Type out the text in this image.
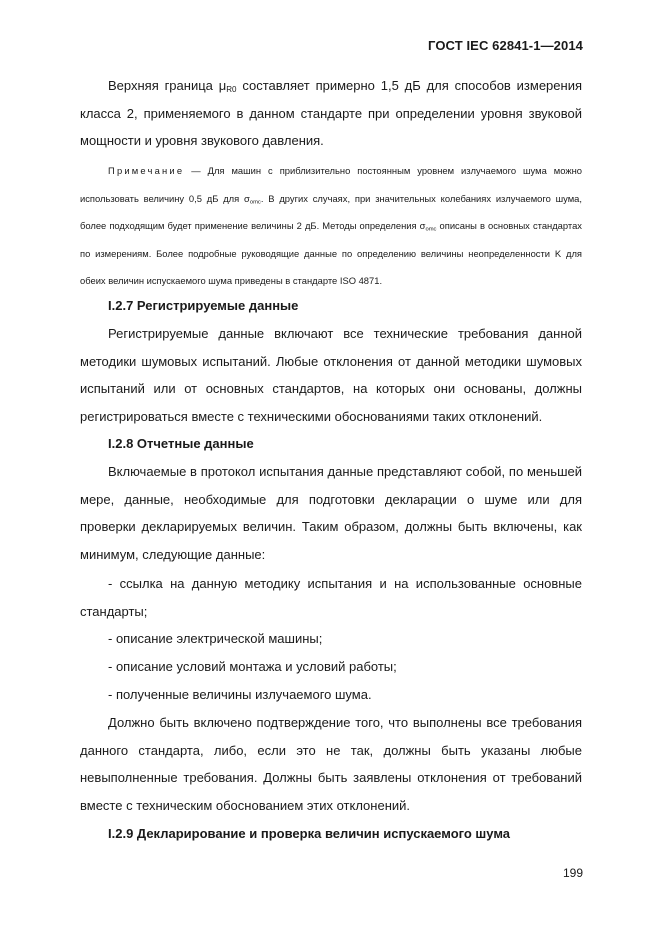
ГОСТ IEC 62841-1—2014

Верхняя граница $\mu_{R0}$ составляет примерно 1,5 дБ для способов измерения класса 2, применяемого в данном стандарте при определении уровня звуковой мощности и уровня звукового давления.

Примечание — Для машин с приблизительно постоянным уровнем излучаемого шума можно использовать величину 0,5 дБ для $\sigma_{omc}$. В других случаях, при значительных колебаниях излучаемого шума, более подходящим будет применение величины 2 дБ. Методы определения $\sigma_{omc}$ описаны в основных стандартах по измерениям. Более подробные руководящие данные по определению величины неопределенности K для обеих величин испускаемого шума приведены в стандарте ISO 4871.

I.2.7 Регистрируемые данные

Регистрируемые данные включают все технические требования данной методики шумовых испытаний. Любые отклонения от данной методики шумовых испытаний или от основных стандартов, на которых они основаны, должны регистрироваться вместе с техническими обоснованиями таких отклонений.

I.2.8 Отчетные данные

Включаемые в протокол испытания данные представляют собой, по меньшей мере, данные, необходимые для подготовки декларации о шуме или для проверки декларируемых величин. Таким образом, должны быть включены, как минимум, следующие данные:

- ссылка на данную методику испытания и на использованные основные стандарты;

- описание электрической машины;

- описание условий монтажа и условий работы;

- полученные величины излучаемого шума.

Должно быть включено подтверждение того, что выполнены все требования данного стандарта, либо, если это не так, должны быть указаны любые невыполненные требования. Должны быть заявлены отклонения от требований вместе с техническим обоснованием этих отклонений.

I.2.9 Декларирование и проверка величин испускаемого шума

199
